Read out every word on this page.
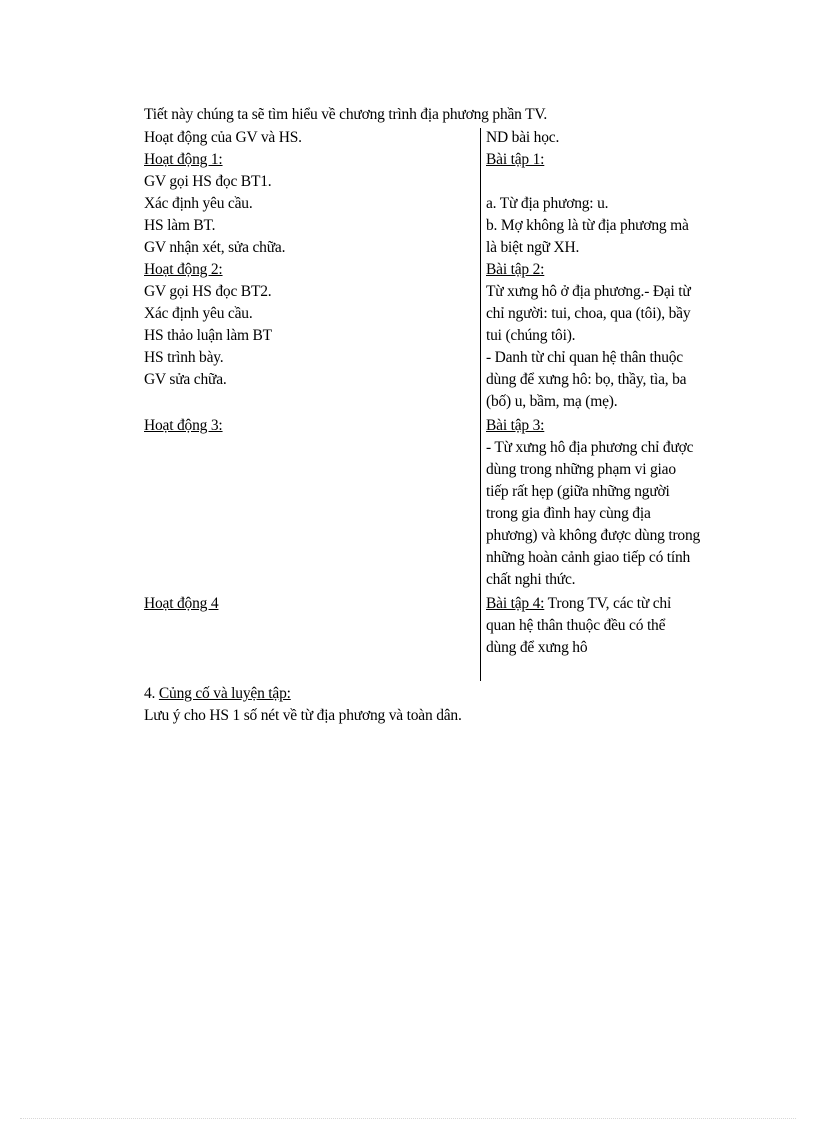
Tiết này chúng ta sẽ tìm hiểu về chương trình địa phương phần TV.
Hoạt động của GV và HS.
Hoạt động 1:
GV gọi HS đọc BT1.
Xác định yêu cầu.
HS làm BT.
GV nhận xét, sửa chữa.
Hoạt động 2:
GV gọi HS đọc BT2.
Xác định yêu cầu.
HS thảo luận làm BT
HS trình bày.
GV sửa chữa.
Hoạt động 3:
Hoạt động 4
ND bài học.
Bài tập 1:
a. Từ địa phương: u.
b. Mợ không là từ địa phương mà
là biệt ngữ XH.
Bài tập 2:
Từ xưng hô ở địa phương.- Đại từ
chỉ người: tui, choa, qua (tôi), bầy
tui (chúng tôi).
- Danh từ chỉ quan hệ thân thuộc
dùng để xưng hô: bọ, thầy, tìa, ba
(bố) u, bầm, mạ (mẹ).
Bài tập 3:
- Từ xưng hô địa phương chỉ được
dùng trong những phạm vi giao
tiếp rất hẹp (giữa những người
trong gia đình hay cùng địa
phương) và không được dùng trong
những hoàn cảnh giao tiếp có tính
chất nghi thức.
Bài tập 4: Trong TV, các từ chỉ
quan hệ thân thuộc đều có thể
dùng để xưng hô
4. Củng cố và luyện tập:
Lưu ý cho HS 1 số nét về từ địa phương và toàn dân.
